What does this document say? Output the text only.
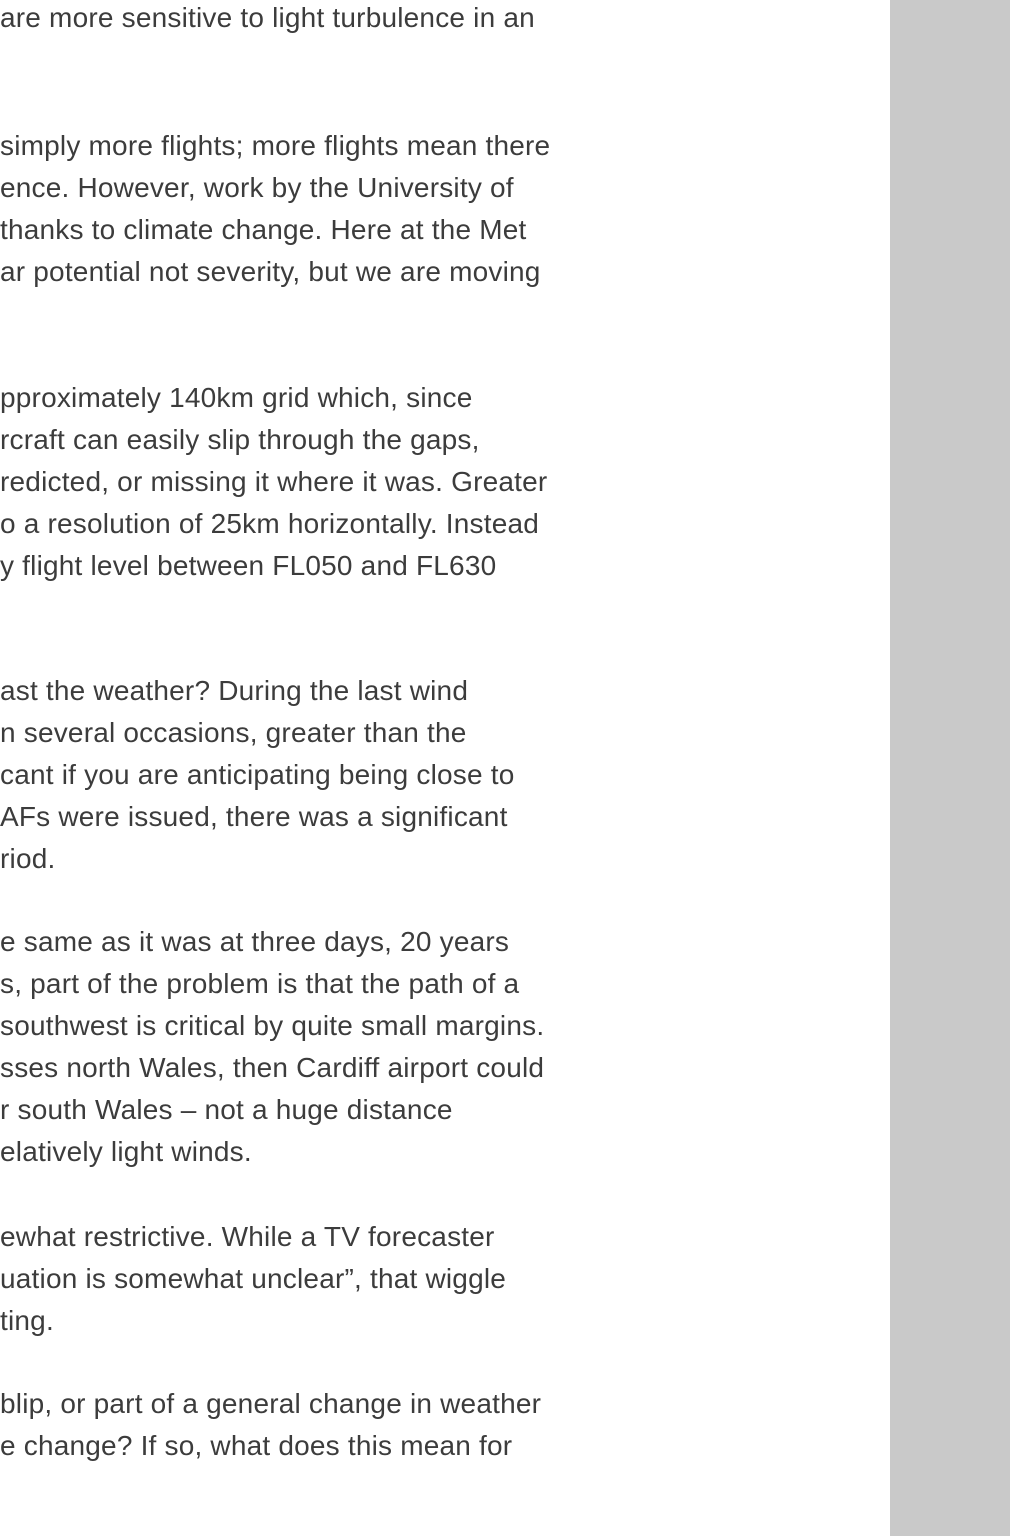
are more sensitive to light turbulence in an
simply more flights; more flights mean there
ence. However, work by the University of
thanks to climate change. Here at the Met
ar potential not severity, but we are moving
pproximately 140km grid which, since
rcraft can easily slip through the gaps,
redicted, or missing it where it was. Greater
o a resolution of 25km horizontally. Instead
y flight level between FL050 and FL630
ast the weather? During the last wind
n several occasions, greater than the
cant if you are anticipating being close to
AFs were issued, there was a significant
riod.
e same as it was at three days, 20 years
s, part of the problem is that the path of a
southwest is critical by quite small margins.
sses north Wales, then Cardiff airport could
r south Wales – not a huge distance
elatively light winds.
ewhat restrictive. While a TV forecaster
uation is somewhat unclear”, that wiggle
ting.
blip, or part of a general change in weather
e change? If so, what does this mean for
